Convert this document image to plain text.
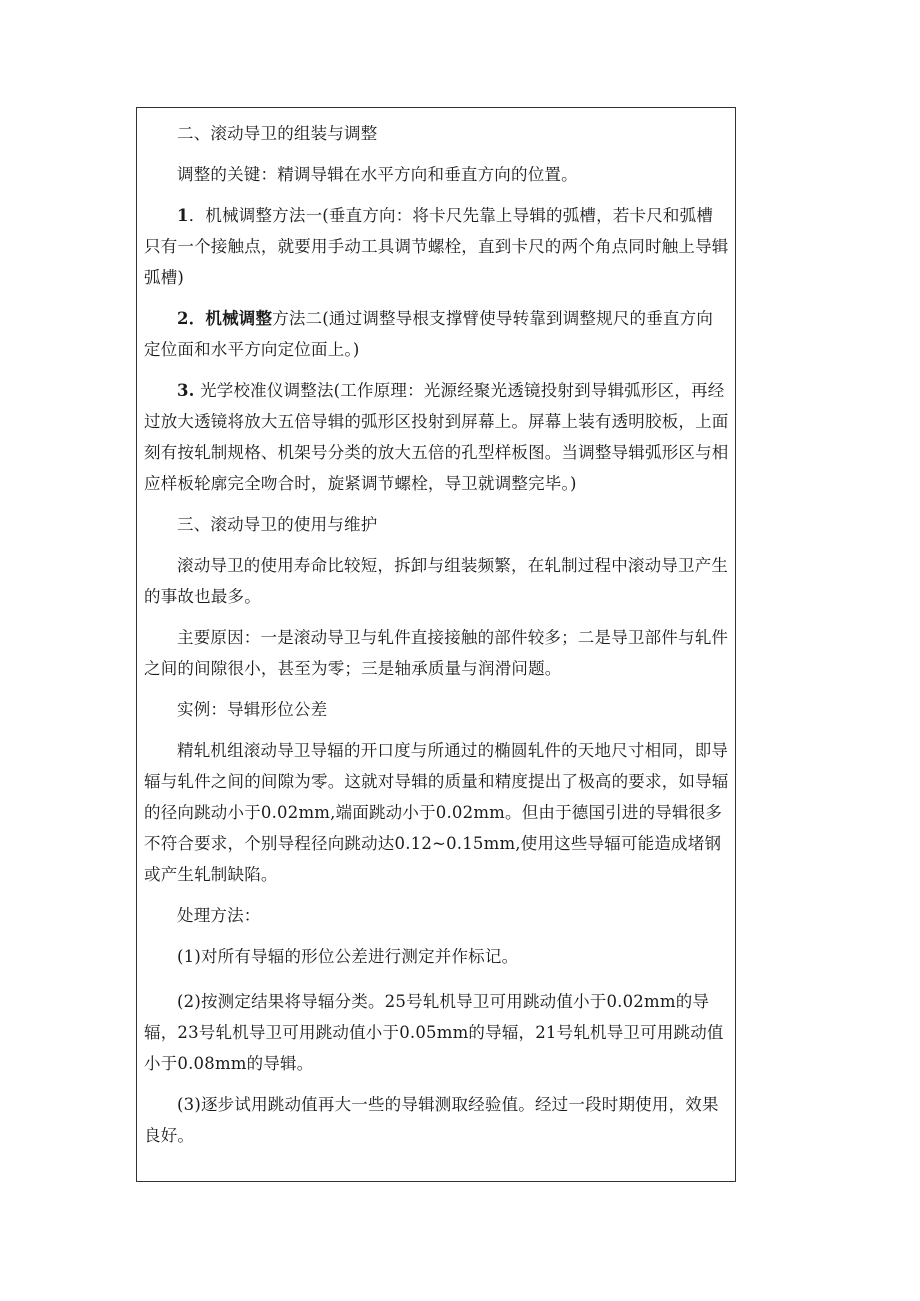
二、滚动导卫的组装与调整

调整的关键：精调导辑在水平方向和垂直方向的位置。

1．机械调整方法一(垂直方向：将卡尺先靠上导辑的弧槽，若卡尺和弧槽只有一个接触点，就要用手动工具调节螺栓，直到卡尺的两个角点同时触上导辑弧槽)

2．机械调整方法二(通过调整导根支撑臂使导转靠到调整规尺的垂直方向定位面和水平方向定位面上。)

3. 光学校准仪调整法(工作原理：光源经聚光透镜投射到导辑弧形区，再经过放大透镜将放大五倍导辑的弧形区投射到屏幕上。屏幕上装有透明胶板，上面刻有按轧制规格、机架号分类的放大五倍的孔型样板图。当调整导辑弧形区与相应样板轮廓完全吻合时，旋紧调节螺栓，导卫就调整完毕。)

三、滚动导卫的使用与维护

滚动导卫的使用寿命比较短，拆卸与组装频繁，在轧制过程中滚动导卫产生的事故也最多。

主要原因：一是滚动导卫与轧件直接接触的部件较多；二是导卫部件与轧件之间的间隙很小，甚至为零；三是轴承质量与润滑问题。

实例：导辑形位公差

精轧机组滚动导卫导辐的开口度与所通过的椭圆轧件的天地尺寸相同，即导辐与轧件之间的间隙为零。这就对导辑的质量和精度提出了极高的要求，如导辐的径向跳动小于0.02mm,端面跳动小于0.02mm。但由于德国引进的导辑很多不符合要求，个别导程径向跳动达0.12~0.15mm,使用这些导辐可能造成堵钢或产生轧制缺陷。

处理方法：

(1)对所有导辐的形位公差进行测定并作标记。

(2)按测定结果将导辐分类。25号轧机导卫可用跳动值小于0.02mm的导辐，23号轧机导卫可用跳动值小于0.05mm的导辐，21号轧机导卫可用跳动值小于0.08mm的导辑。

(3)逐步试用跳动值再大一些的导辑测取经验值。经过一段时期使用，效果良好。
